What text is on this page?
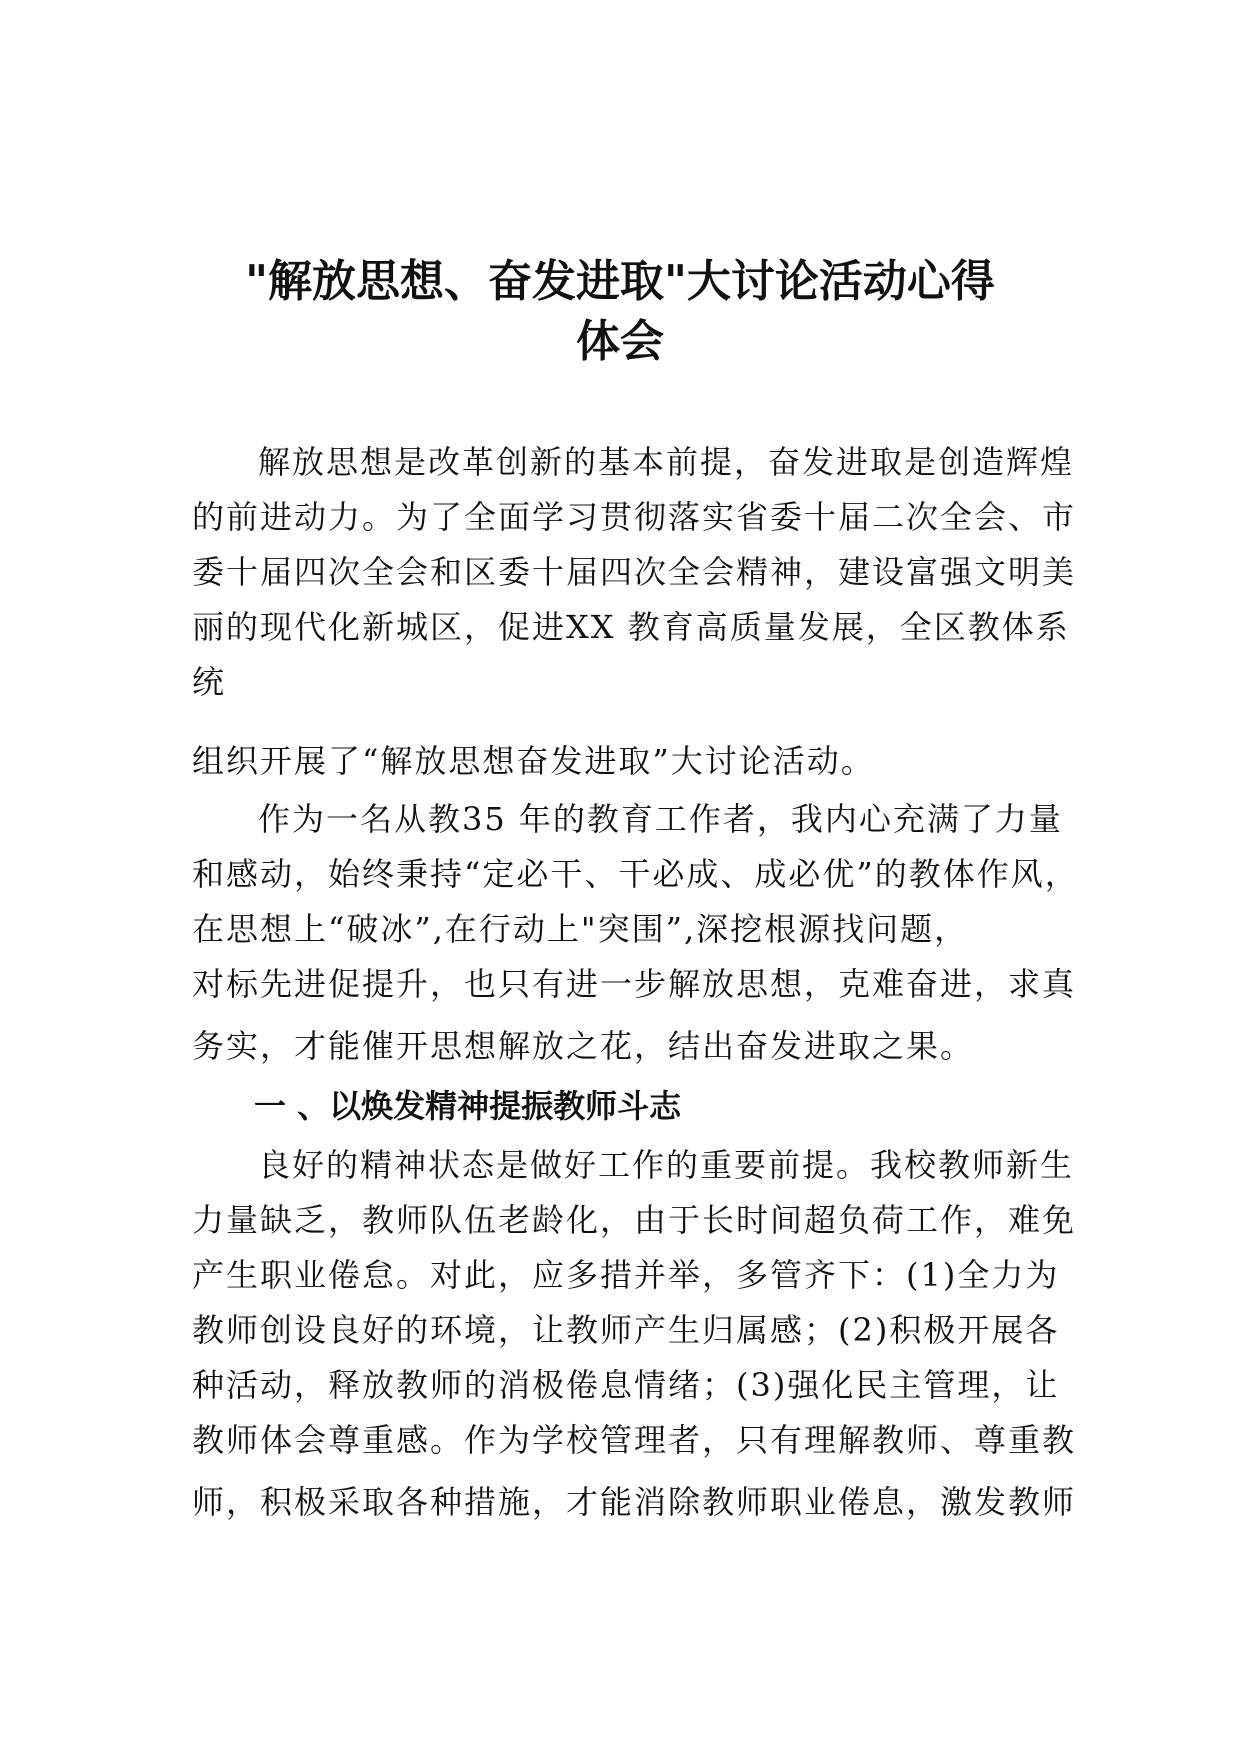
"解放思想、奋发进取"大讨论活动心得
体会

解放思想是改革创新的基本前提，奋发进取是创造辉煌

的前进动力。为了全面学习贯彻落实省委十届二次全会、市

委十届四次全会和区委十届四次全会精神，建设富强文明美

丽的现代化新城区，促进XX 教育高质量发展，全区教体系

统

组织开展了“解放思想奋发进取”大讨论活动。

作为一名从教35 年的教育工作者，我内心充满了力量

和感动，始终秉持“定必干、干必成、成必优”的教体作风，

在思想上“破冰”,在行动上"突围”,深挖根源找问题，

对标先进促提升，也只有进一步解放思想，克难奋进，求真

务实，才能催开思想解放之花，结出奋发进取之果。

一 、以焕发精神提振教师斗志

良好的精神状态是做好工作的重要前提。我校教师新生

力量缺乏，教师队伍老龄化，由于长时间超负荷工作，难免

产生职业倦怠。对此，应多措并举，多管齐下：(1)全力为

教师创设良好的环境，让教师产生归属感；(2)积极开展各

种活动，释放教师的消极倦息情绪；(3)强化民主管理，让

教师体会尊重感。作为学校管理者，只有理解教师、尊重教

师，积极采取各种措施，才能消除教师职业倦息，激发教师
